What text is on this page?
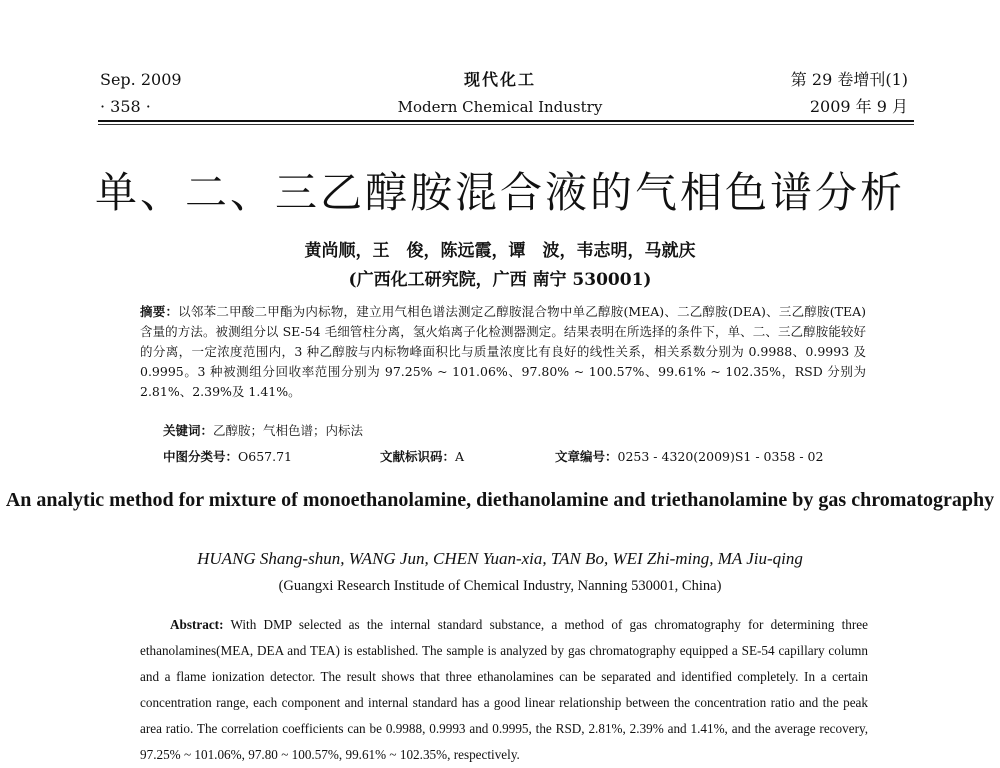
Sep. 2009
· 358 ·
现代化工
Modern Chemical Industry
第 29 卷增刊(1)
2009 年 9 月
单、二、三乙醇胺混合液的气相色谱分析
黄尚顺，王　俊，陈远霞，谭　波，韦志明，马就庆
(广西化工研究院，广西 南宁 530001)
摘要：以邻苯二甲酸二甲酯为内标物，建立用气相色谱法测定乙醇胺混合物中单乙醇胺(MEA)、二乙醇胺(DEA)、三乙醇胺(TEA)含量的方法。被测组分以 SE-54 毛细管柱分离，氢火焰离子化检测器测定。结果表明在所选择的条件下，单、二、三乙醇胺能较好的分离，一定浓度范围内，3 种乙醇胺与内标物峰面积比与质量浓度比有良好的线性关系，相关系数分别为 0.9988、0.9993 及 0.9995。3 种被测组分回收率范围分别为 97.25% ~ 101.06%、97.80% ~ 100.57%、99.61% ~ 102.35%，RSD 分别为 2.81%、2.39%及 1.41%。
关键词：乙醇胺；气相色谱；内标法
中图分类号：O657.71	文献标识码：A	文章编号：0253 - 4320(2009)S1 - 0358 - 02
An analytic method for mixture of monoethanolamine, diethanolamine and triethanolamine by gas chromatography
HUANG Shang-shun, WANG Jun, CHEN Yuan-xia, TAN Bo, WEI Zhi-ming, MA Jiu-qing
(Guangxi Research Institude of Chemical Industry, Nanning 530001, China)
Abstract: With DMP selected as the internal standard substance, a method of gas chromatography for determining three ethanolamines(MEA, DEA and TEA) is established. The sample is analyzed by gas chromatography equipped a SE-54 capillary column and a flame ionization detector. The result shows that three ethanolamines can be separated and identified completely. In a certain concentration range, each component and internal standard has a good linear relationship between the concentration ratio and the peak area ratio. The correlation coefficients can be 0.9988, 0.9993 and 0.9995, the RSD, 2.81%, 2.39% and 1.41%, and the average recovery, 97.25% ~ 101.06%, 97.80 ~ 100.57%, 99.61% ~ 102.35%, respectively.
